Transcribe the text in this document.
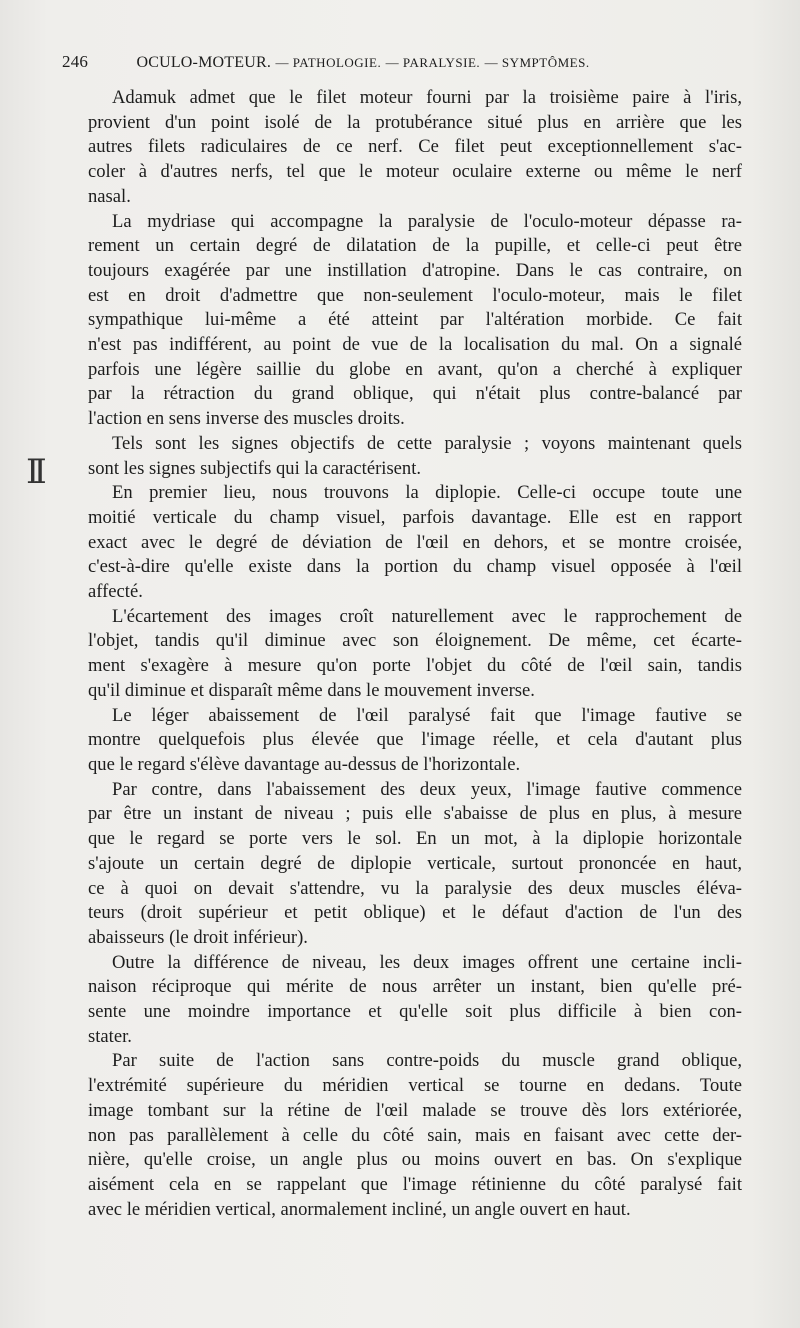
246	OCULO-MOTEUR. — PATHOLOGIE. — PARALYSIE. — SYMPTÔMES.
II

Adamuk admet que le filet moteur fourni par la troisième paire à l'iris,
provient d'un point isolé de la protubérance situé plus en arrière que les
autres filets radiculaires de ce nerf. Ce filet peut exceptionnellement s'ac-
coler à d'autres nerfs, tel que le moteur oculaire externe ou même le nerf
nasal.

La mydriase qui accompagne la paralysie de l'oculo-moteur dépasse ra-
rement un certain degré de dilatation de la pupille, et celle-ci peut être
toujours exagérée par une instillation d'atropine. Dans le cas contraire, on
est en droit d'admettre que non-seulement l'oculo-moteur, mais le filet
sympathique lui-même a été atteint par l'altération morbide. Ce fait
n'est pas indifférent, au point de vue de la localisation du mal. On a signalé
parfois une légère saillie du globe en avant, qu'on a cherché à expliquer
par la rétraction du grand oblique, qui n'était plus contre-balancé par
l'action en sens inverse des muscles droits.

Tels sont les signes objectifs de cette paralysie ; voyons maintenant quels
sont les signes subjectifs qui la caractérisent.

En premier lieu, nous trouvons la diplopie. Celle-ci occupe toute une
moitié verticale du champ visuel, parfois davantage. Elle est en rapport
exact avec le degré de déviation de l'œil en dehors, et se montre croisée,
c'est-à-dire qu'elle existe dans la portion du champ visuel opposée à l'œil
affecté.

L'écartement des images croît naturellement avec le rapprochement de
l'objet, tandis qu'il diminue avec son éloignement. De même, cet écarte-
ment s'exagère à mesure qu'on porte l'objet du côté de l'œil sain, tandis
qu'il diminue et disparaît même dans le mouvement inverse.

Le léger abaissement de l'œil paralysé fait que l'image fautive se
montre quelquefois plus élevée que l'image réelle, et cela d'autant plus
que le regard s'élève davantage au-dessus de l'horizontale.

Par contre, dans l'abaissement des deux yeux, l'image fautive commence
par être un instant de niveau ; puis elle s'abaisse de plus en plus, à mesure
que le regard se porte vers le sol. En un mot, à la diplopie horizontale
s'ajoute un certain degré de diplopie verticale, surtout prononcée en haut,
ce à quoi on devait s'attendre, vu la paralysie des deux muscles éléva-
teurs (droit supérieur et petit oblique) et le défaut d'action de l'un des
abaisseurs (le droit inférieur).

Outre la différence de niveau, les deux images offrent une certaine incli-
naison réciproque qui mérite de nous arrêter un instant, bien qu'elle pré-
sente une moindre importance et qu'elle soit plus difficile à bien con-
stater.

Par suite de l'action sans contre-poids du muscle grand oblique,
l'extrémité supérieure du méridien vertical se tourne en dedans. Toute
image tombant sur la rétine de l'œil malade se trouve dès lors extériorée,
non pas parallèlement à celle du côté sain, mais en faisant avec cette der-
nière, qu'elle croise, un angle plus ou moins ouvert en bas. On s'explique
aisément cela en se rappelant que l'image rétinienne du côté paralysé fait
avec le méridien vertical, anormalement incliné, un angle ouvert en haut.
